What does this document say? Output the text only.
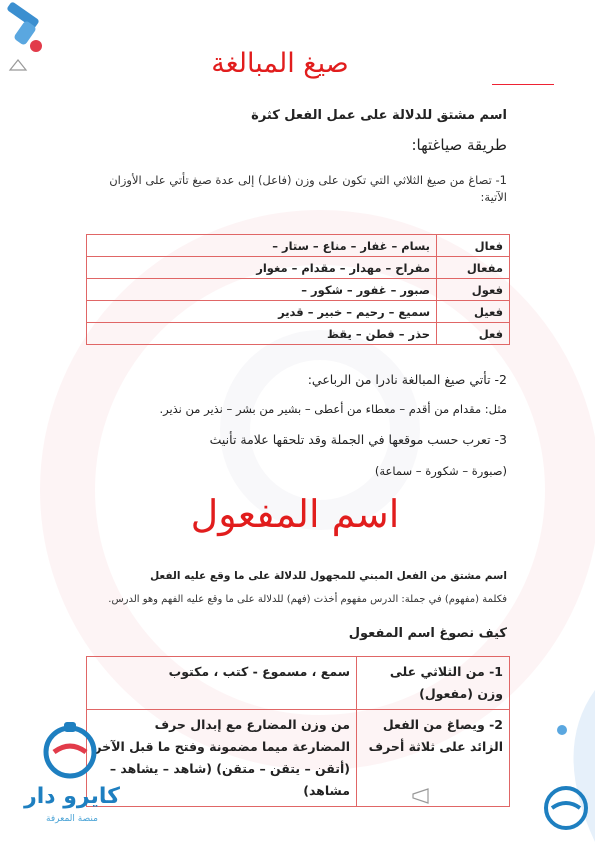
صيغ المبالغة
اسم مشتق للدلالة على عمل الفعل كثرة
طريقة صياغتها:
1- تصاغ من صيغ الثلاثي التي تكون على وزن (فاعل) إلى عدة صيغ تأتي على الأوزان الآتية:
فعال	بسام – غفار – مناع – ستار –
مفعال	مفراح – مهدار – مقدام – مغوار
فعول	صبور – غفور – شكور –
فعيل	سميع – رحيم – خبير – قدير
فعل	حذر – فطن – يقظ
2- تأتي صيغ المبالغة نادرا من الرباعي:
مثل: مقدام من أقدم – معطاء من أعطى – بشير من بشر – نذير من نذير.
3- تعرب حسب موقعها في الجملة وقد تلحقها علامة تأنيث
(صبورة – شكورة – سماعة)
اسم المفعول
اسم مشتق من الفعل المبني للمجهول للدلالة على ما وقع عليه الفعل
فكلمة (مفهوم) في جملة: الدرس مفهوم أخذت (فهم) للدلالة على ما وقع عليه الفهم وهو الدرس.
كيف نصوغ اسم المفعول
1- من الثلاثي على وزن (مفعول)	سمع ، مسموع - كتب ، مكتوب
2- ويصاغ من الفعل الزائد على ثلاثة أحرف	من وزن المضارع مع إبدال حرف المضارعة ميما مضمونة وفتح ما قبل الآخر (أتقن – يتقن – متقن) (شاهد – يشاهد – مشاهد)
كايرو دار
منصة المعرفة
